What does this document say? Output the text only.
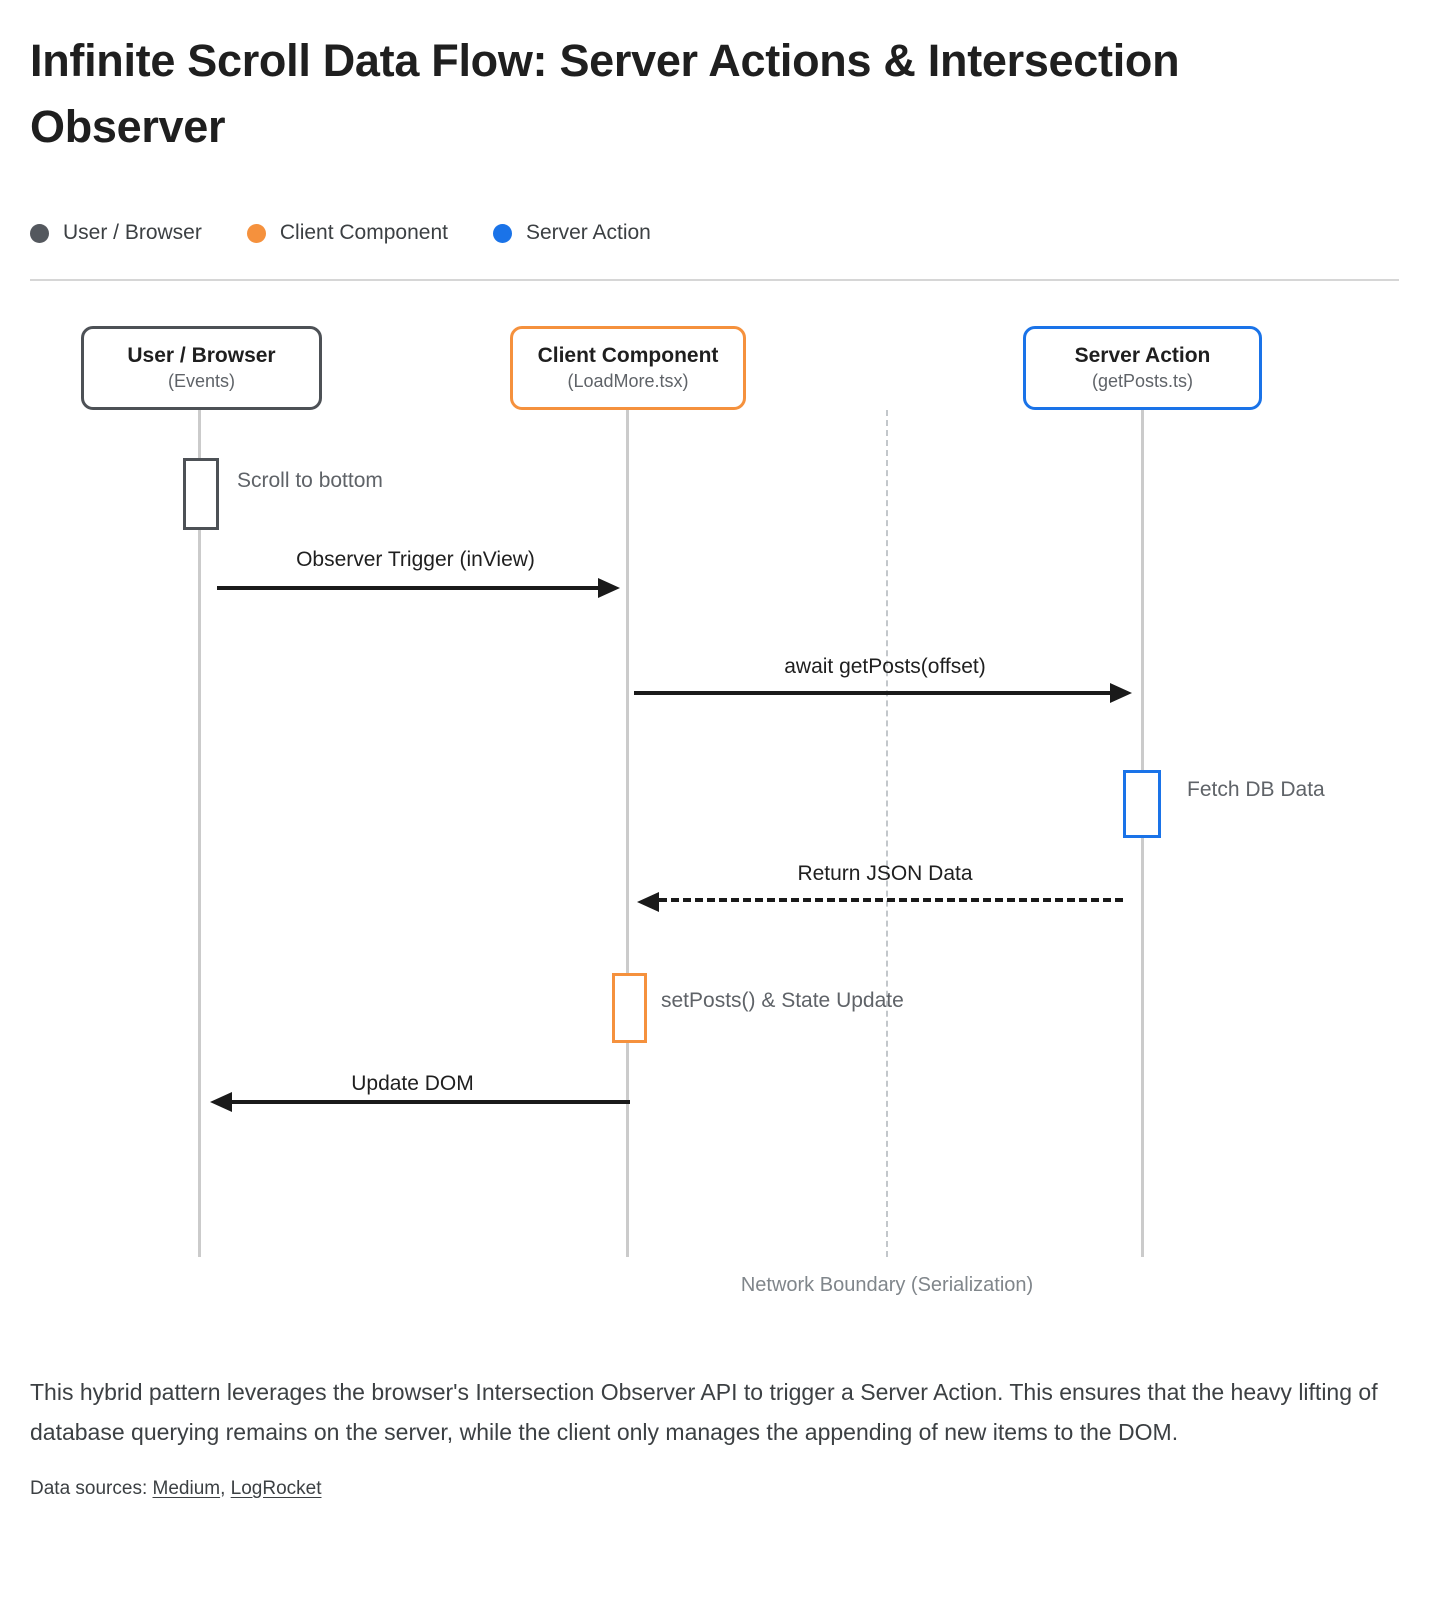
Infinite Scroll Data Flow: Server Actions & Intersection Observer
User / Browser	Client Component	Server Action
Network Boundary (Serialization)
User / Browser
(Events)
Client Component
(LoadMore.tsx)
Server Action
(getPosts.ts)
Scroll to bottom
Fetch DB Data
setPosts() & State Update
Observer Trigger (inView)
await getPosts(offset)
Return JSON Data
Update DOM

This hybrid pattern leverages the browser's Intersection Observer API to trigger a Server Action. This ensures that the heavy lifting of database querying remains on the server, while the client only manages the appending of new items to the DOM.

Data sources: Medium, LogRocket
